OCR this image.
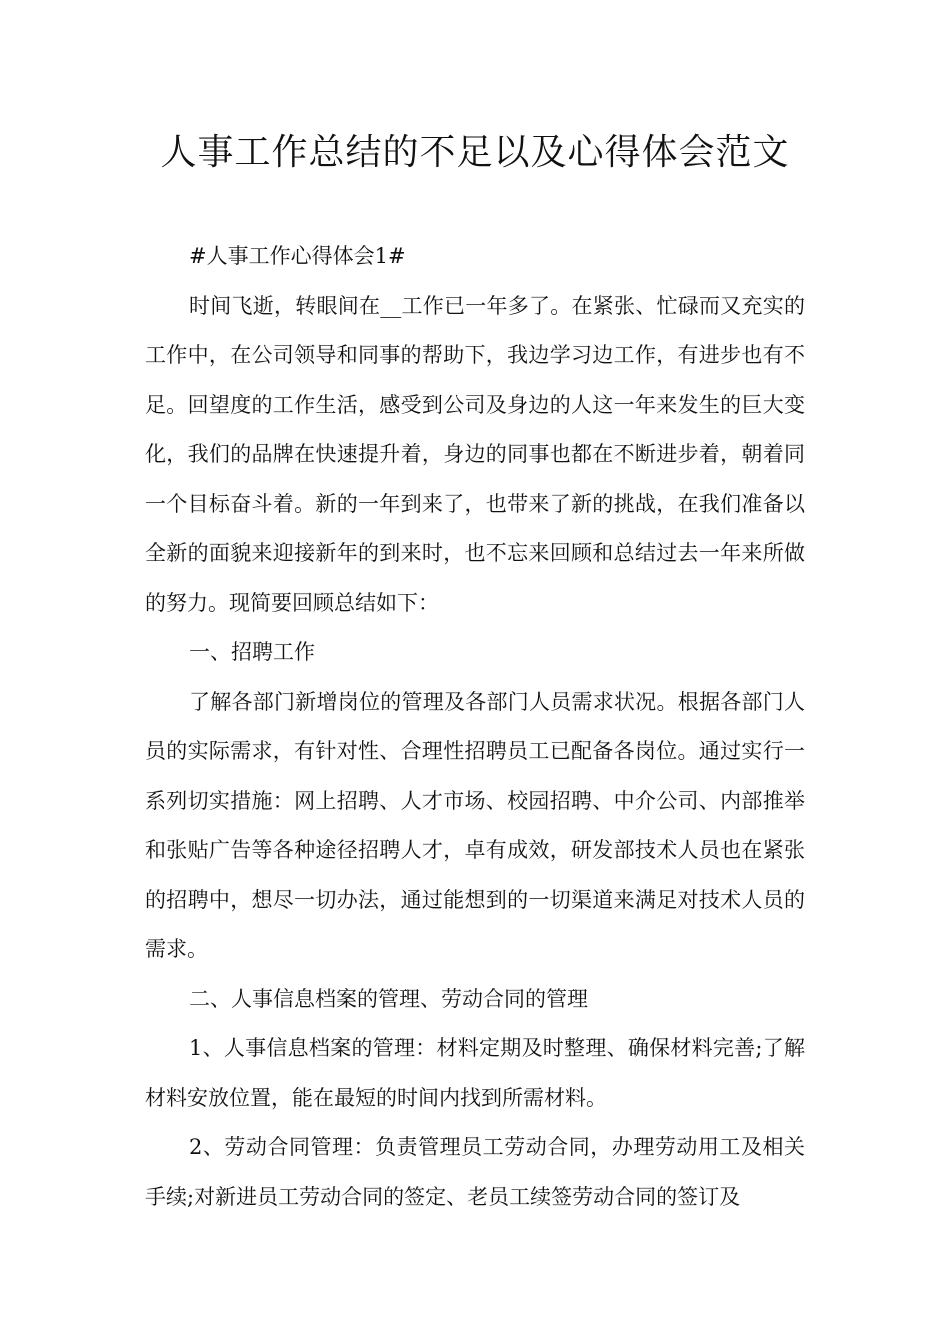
人事工作总结的不足以及心得体会范文

#人事工作心得体会1#

时间飞逝，转眼间在__工作已一年多了。在紧张、忙碌而又充实的工作中，在公司领导和同事的帮助下，我边学习边工作，有进步也有不足。回望度的工作生活，感受到公司及身边的人这一年来发生的巨大变化，我们的品牌在快速提升着，身边的同事也都在不断进步着，朝着同一个目标奋斗着。新的一年到来了，也带来了新的挑战，在我们准备以全新的面貌来迎接新年的到来时，也不忘来回顾和总结过去一年来所做的努力。现简要回顾总结如下：

一、招聘工作

了解各部门新增岗位的管理及各部门人员需求状况。根据各部门人员的实际需求，有针对性、合理性招聘员工已配备各岗位。通过实行一系列切实措施：网上招聘、人才市场、校园招聘、中介公司、内部推举和张贴广告等各种途径招聘人才，卓有成效，研发部技术人员也在紧张的招聘中，想尽一切办法，通过能想到的一切渠道来满足对技术人员的需求。

二、人事信息档案的管理、劳动合同的管理

1、人事信息档案的管理：材料定期及时整理、确保材料完善;了解材料安放位置，能在最短的时间内找到所需材料。

2、劳动合同管理：负责管理员工劳动合同，办理劳动用工及相关手续;对新进员工劳动合同的签定、老员工续签劳动合同的签订及
